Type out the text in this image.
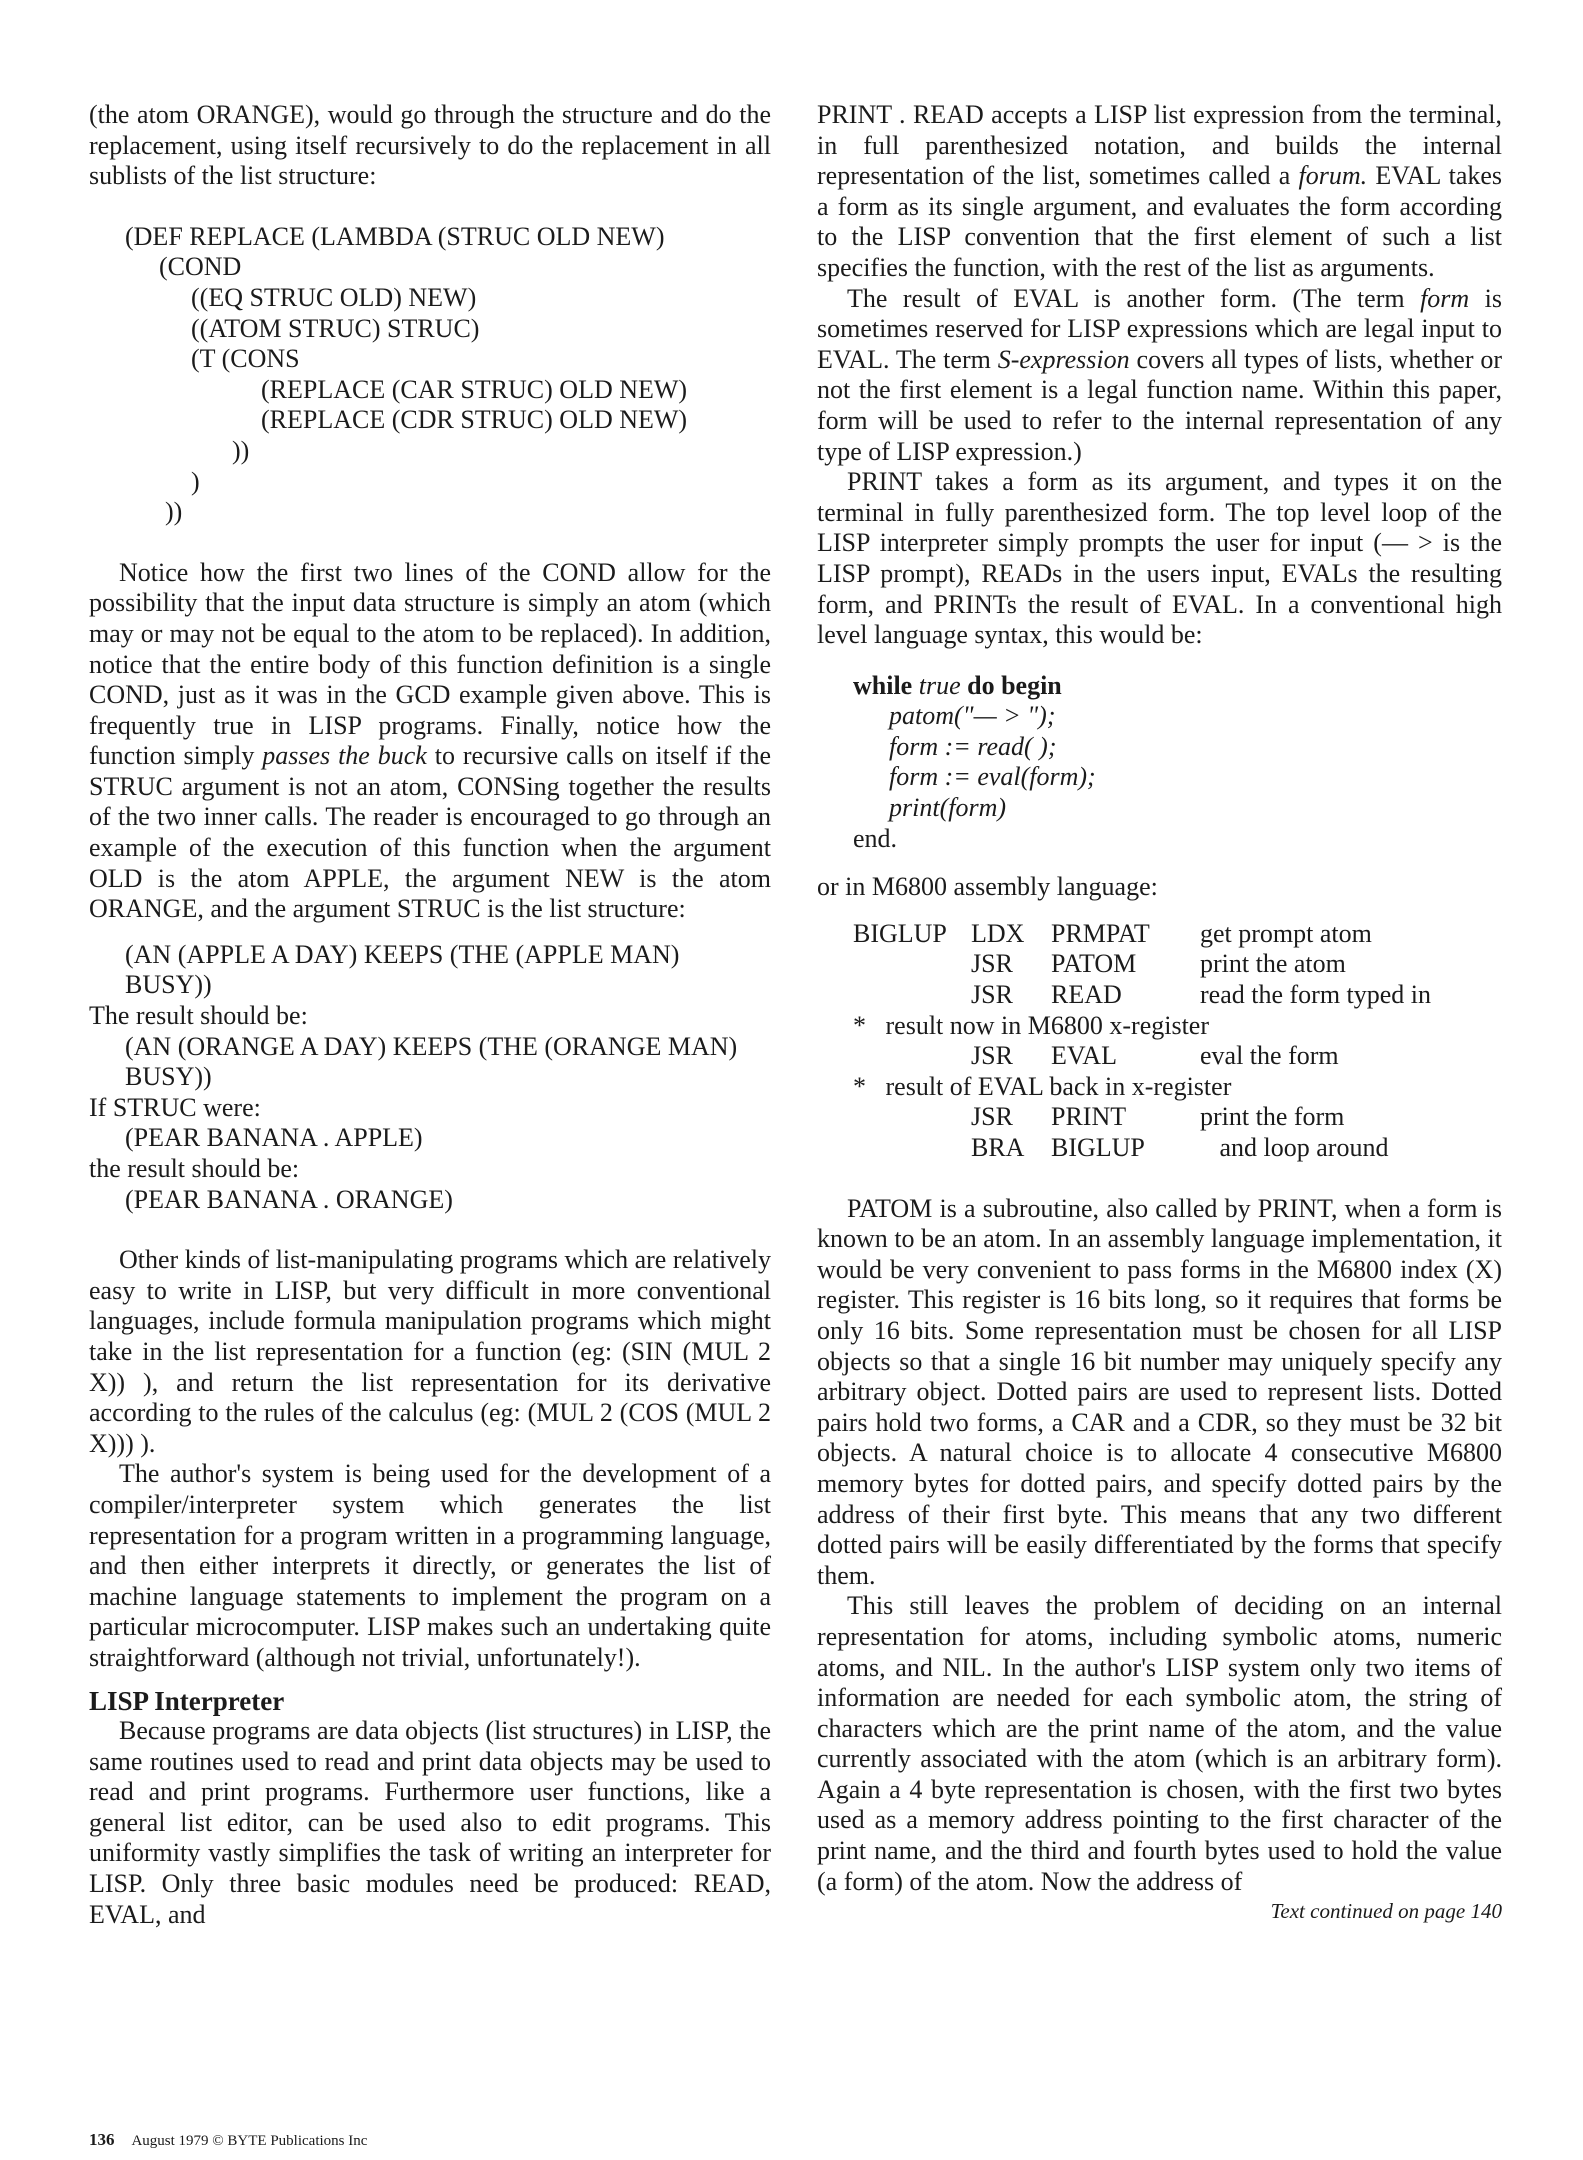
(the atom ORANGE), would go through the structure and do the replacement, using itself recursively to do the replacement in all sublists of the list structure:

(DEF REPLACE (LAMBDA (STRUC OLD NEW)
(COND
((EQ STRUC OLD) NEW)
((ATOM STRUC) STRUC)
(T (CONS
(REPLACE (CAR STRUC) OLD NEW)
(REPLACE (CDR STRUC) OLD NEW)
))
)
))

Notice how the first two lines of the COND allow for the possibility that the input data structure is simply an atom (which may or may not be equal to the atom to be replaced). In addition, notice that the entire body of this function definition is a single COND, just as it was in the GCD example given above. This is frequently true in LISP programs. Finally, notice how the function simply passes the buck to recursive calls on itself if the STRUC argument is not an atom, CONSing together the results of the two inner calls. The reader is encouraged to go through an example of the execution of this function when the argument OLD is the atom APPLE, the argument NEW is the atom ORANGE, and the argument STRUC is the list structure:

(AN (APPLE A DAY) KEEPS (THE (APPLE MAN) BUSY))
The result should be:
(AN (ORANGE A DAY) KEEPS (THE (ORANGE MAN) BUSY))
If STRUC were:
(PEAR BANANA . APPLE)
the result should be:
(PEAR BANANA . ORANGE)

Other kinds of list-manipulating programs which are relatively easy to write in LISP, but very difficult in more conventional languages, include formula manipulation programs which might take in the list representation for a function (eg: (SIN (MUL 2 X)) ), and return the list representation for its derivative according to the rules of the calculus (eg: (MUL 2 (COS (MUL 2 X))) ).

The author's system is being used for the development of a compiler/interpreter system which generates the list representation for a program written in a programming language, and then either interprets it directly, or generates the list of machine language statements to implement the program on a particular microcomputer. LISP makes such an undertaking quite straightforward (although not trivial, unfortunately!).

LISP Interpreter

Because programs are data objects (list structures) in LISP, the same routines used to read and print data objects may be used to read and print programs. Furthermore user functions, like a general list editor, can be used also to edit programs. This uniformity vastly simplifies the task of writing an interpreter for LISP. Only three basic modules need be produced: READ, EVAL, and

PRINT . READ accepts a LISP list expression from the terminal, in full parenthesized notation, and builds the internal representation of the list, sometimes called a forum. EVAL takes a form as its single argument, and evaluates the form according to the LISP convention that the first element of such a list specifies the function, with the rest of the list as arguments.

The result of EVAL is another form. (The term form is sometimes reserved for LISP expressions which are legal input to EVAL. The term S-expression covers all types of lists, whether or not the first element is a legal function name. Within this paper, form will be used to refer to the internal representation of any type of LISP expression.)

PRINT takes a form as its argument, and types it on the terminal in fully parenthesized form. The top level loop of the LISP interpreter simply prompts the user for input (— > is the LISP prompt), READs in the users input, EVALs the resulting form, and PRINTs the result of EVAL. In a conventional high level language syntax, this would be:

while true do begin
patom("— > ");
form := read( );
form := eval(form);
print(form)
end.

or in M6800 assembly language:

BIGLUP	LDX	PRMPAT	get prompt atom
	JSR	PATOM	print the atom
	JSR	READ	read the form typed in
*   result now in M6800 x-register			
	JSR	EVAL	eval the form
*   result of EVAL back in x-register			
	JSR	PRINT	print the form
	BRA	BIGLUP	and loop around

PATOM is a subroutine, also called by PRINT, when a form is known to be an atom. In an assembly language implementation, it would be very convenient to pass forms in the M6800 index (X) register. This register is 16 bits long, so it requires that forms be only 16 bits. Some representation must be chosen for all LISP objects so that a single 16 bit number may uniquely specify any arbitrary object. Dotted pairs are used to represent lists. Dotted pairs hold two forms, a CAR and a CDR, so they must be 32 bit objects. A natural choice is to allocate 4 consecutive M6800 memory bytes for dotted pairs, and specify dotted pairs by the address of their first byte. This means that any two different dotted pairs will be easily differentiated by the forms that specify them.

This still leaves the problem of deciding on an internal representation for atoms, including symbolic atoms, numeric atoms, and NIL. In the author's LISP system only two items of information are needed for each symbolic atom, the string of characters which are the print name of the atom, and the value currently associated with the atom (which is an arbitrary form). Again a 4 byte representation is chosen, with the first two bytes used as a memory address pointing to the first character of the print name, and the third and fourth bytes used to hold the value (a form) of the atom. Now the address of

Text continued on page 140
136 August 1979 © BYTE Publications Inc
